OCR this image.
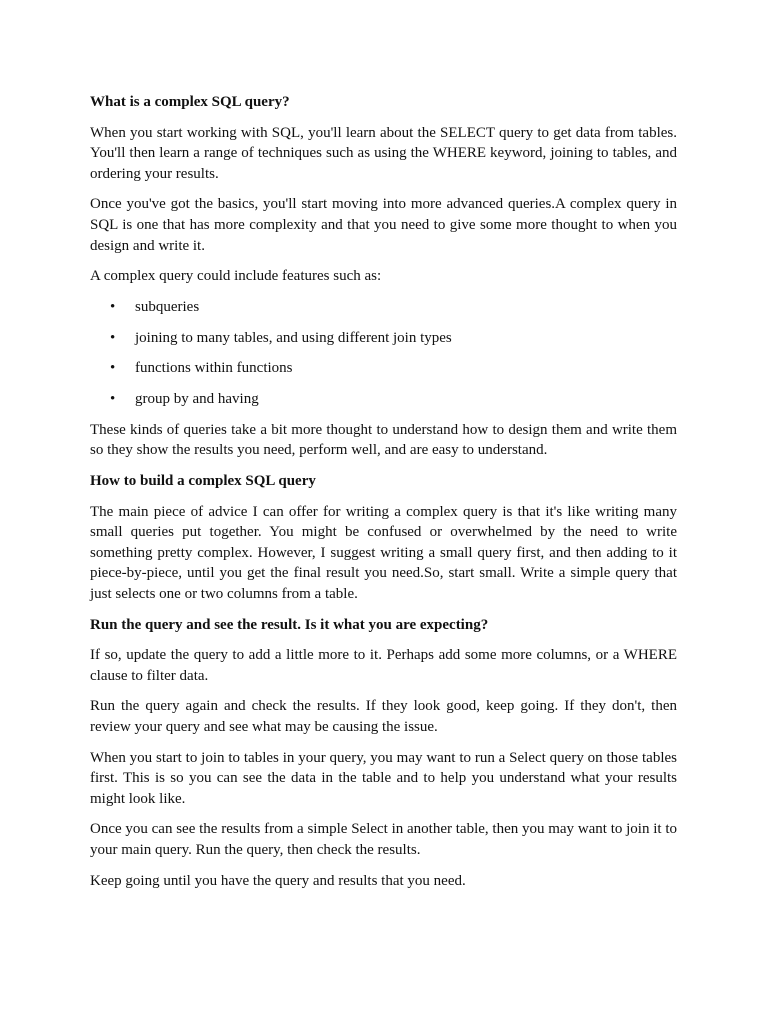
What is a complex SQL query?

When you start working with SQL, you'll learn about the SELECT query to get data from tables. You'll then learn a range of techniques such as using the WHERE keyword, joining to tables, and ordering your results.

Once you've got the basics, you'll start moving into more advanced queries.A complex query in SQL is one that has more complexity and that you need to give some more thought to when you design and write it.

A complex query could include features such as:

• subqueries
• joining to many tables, and using different join types
• functions within functions
• group by and having

These kinds of queries take a bit more thought to understand how to design them and write them so they show the results you need, perform well, and are easy to understand.

How to build a complex SQL query

The main piece of advice I can offer for writing a complex query is that it's like writing many small queries put together. You might be confused or overwhelmed by the need to write something pretty complex. However, I suggest writing a small query first, and then adding to it piece-by-piece, until you get the final result you need.So, start small. Write a simple query that just selects one or two columns from a table.

Run the query and see the result. Is it what you are expecting?

If so, update the query to add a little more to it. Perhaps add some more columns, or a WHERE clause to filter data.

Run the query again and check the results. If they look good, keep going. If they don't, then review your query and see what may be causing the issue.

When you start to join to tables in your query, you may want to run a Select query on those tables first. This is so you can see the data in the table and to help you understand what your results might look like.

Once you can see the results from a simple Select in another table, then you may want to join it to your main query. Run the query, then check the results.

Keep going until you have the query and results that you need.
